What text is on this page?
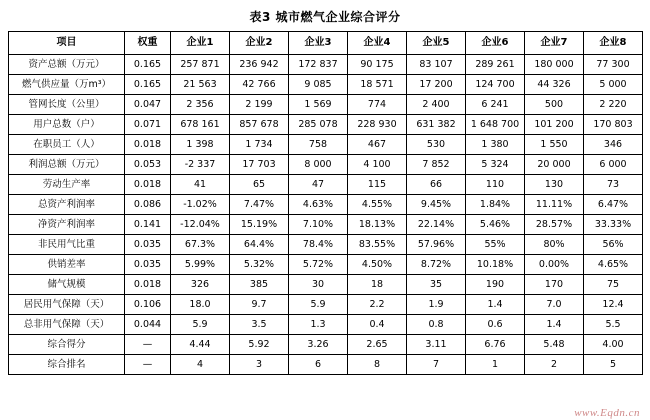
表3 城市燃气企业综合评分
项目	权重	企业1	企业2	企业3	企业4	企业5	企业6	企业7	企业8
资产总额（万元）	0.165	257 871	236 942	172 837	90 175	83 107	289 261	180 000	77 300
燃气供应量（万m³）	0.165	21 563	42 766	9 085	18 571	17 200	124 700	44 326	5 000
管网长度（公里）	0.047	2 356	2 199	1 569	774	2 400	6 241	500	2 220
用户总数（户）	0.071	678 161	857 678	285 078	228 930	631 382	1 648 700	101 200	170 803
在职员工（人）	0.018	1 398	1 734	758	467	530	1 380	1 550	346
利润总额（万元）	0.053	-2 337	17 703	8 000	4 100	7 852	5 324	20 000	6 000
劳动生产率	0.018	41	65	47	115	66	110	130	73
总资产利润率	0.086	-1.02%	7.47%	4.63%	4.55%	9.45%	1.84%	11.11%	6.47%
净资产利润率	0.141	-12.04%	15.19%	7.10%	18.13%	22.14%	5.46%	28.57%	33.33%
非民用气比重	0.035	67.3%	64.4%	78.4%	83.55%	57.96%	55%	80%	56%
供销差率	0.035	5.99%	5.32%	5.72%	4.50%	8.72%	10.18%	0.00%	4.65%
储气规模	0.018	326	385	30	18	35	190	170	75
居民用气保障（天）	0.106	18.0	9.7	5.9	2.2	1.9	1.4	7.0	12.4
总非用气保障（天）	0.044	5.9	3.5	1.3	0.4	0.8	0.6	1.4	5.5
综合得分	—	4.44	5.92	3.26	2.65	3.11	6.76	5.48	4.00
综合排名	—	4	3	6	8	7	1	2	5
www.Eqdn.cn
